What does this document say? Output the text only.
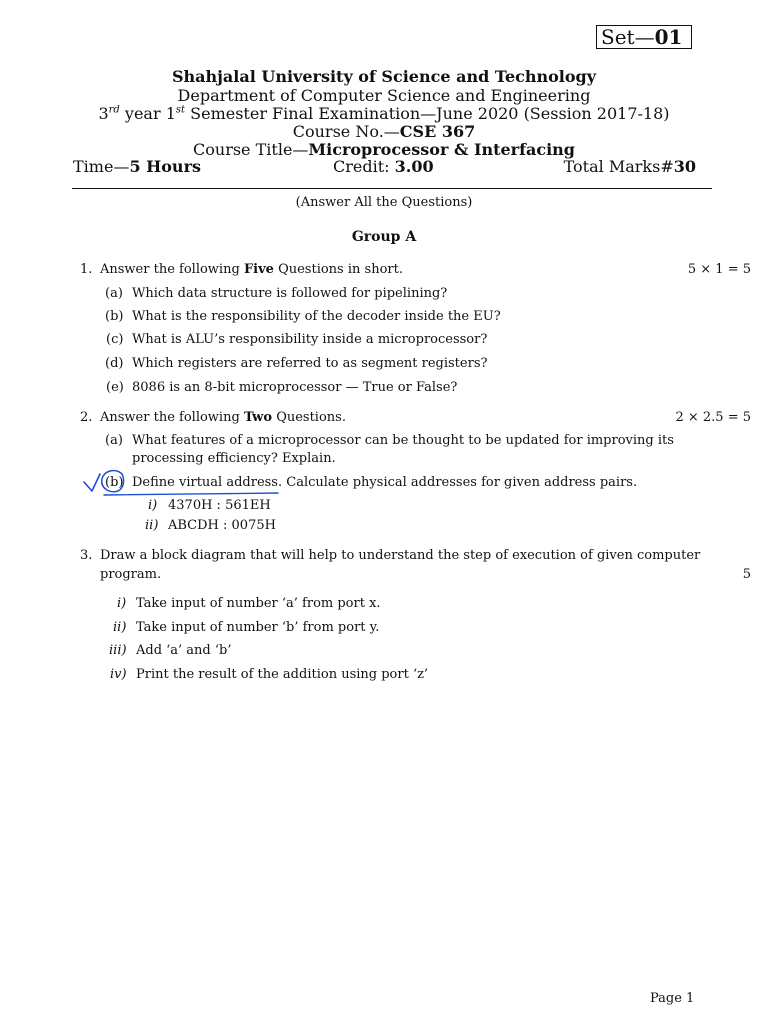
Set—01
Shahjalal University of Science and Technology
Department of Computer Science and Engineering
3rd year 1st Semester Final Examination—June 2020 (Session 2017-18)
Course No.—CSE 367
Course Title—Microprocessor & Interfacing
Time—5 Hours	Credit: 3.00	Total Marks#30
(Answer All the Questions)
Group A
1. Answer the following Five Questions in short.	5 × 1 = 5
(a) Which data structure is followed for pipelining?
(b) What is the responsibility of the decoder inside the EU?
(c) What is ALU’s responsibility inside a microprocessor?
(d) Which registers are referred to as segment registers?
(e) 8086 is an 8-bit microprocessor — True or False?
2. Answer the following Two Questions.	2 × 2.5 = 5
(a) What features of a microprocessor can be thought to be updated for improving its
processing efficiency? Explain.
(b) Define virtual address. Calculate physical addresses for given address pairs.
i) 4370H : 561EH
ii) ABCDH : 0075H
3. Draw a block diagram that will help to understand the step of execution of given computer
program.	5
i) Take input of number ‘a’ from port x.
ii) Take input of number ‘b’ from port y.
iii) Add ‘a’ and ‘b’
iv) Print the result of the addition using port ‘z’
Page 1
